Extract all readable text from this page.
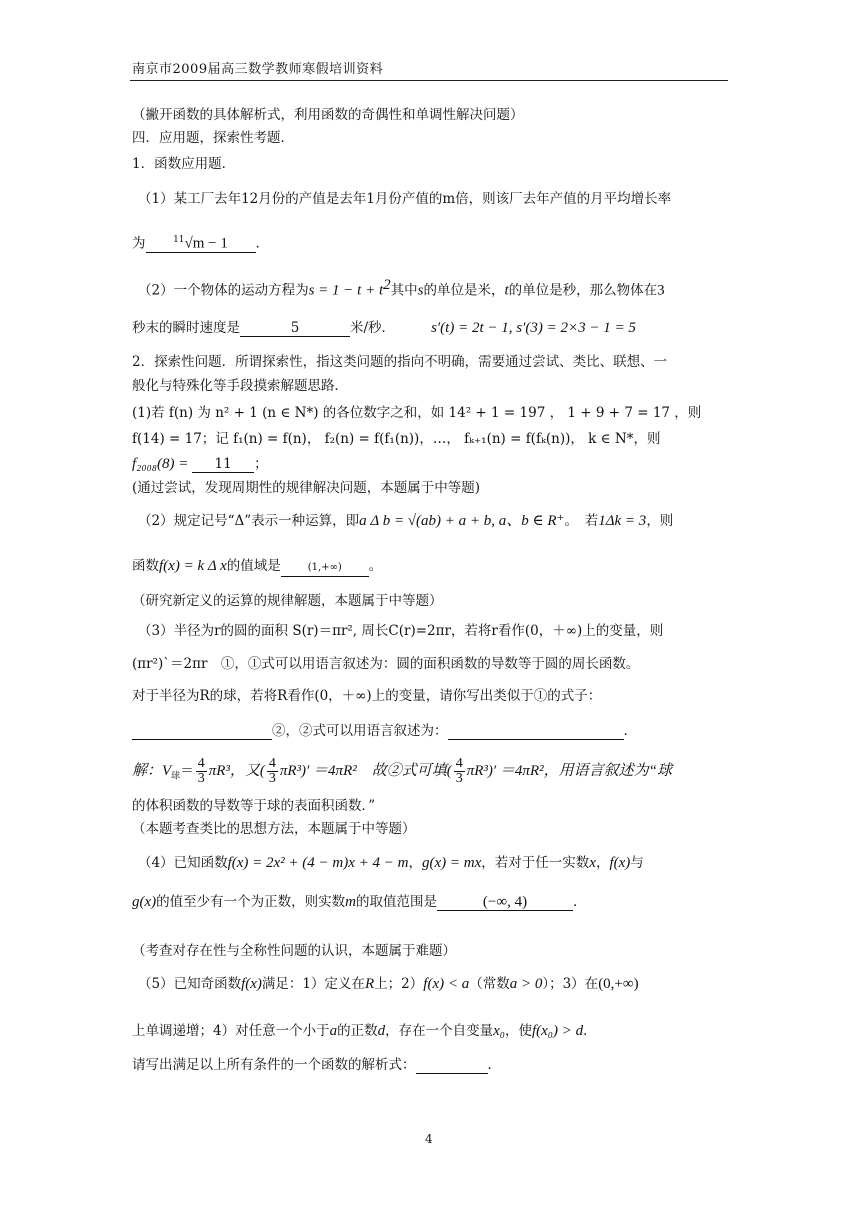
南京市2009届高三数学教师寒假培训资料
（撇开函数的具体解析式，利用函数的奇偶性和单调性解决问题）
四．应用题，探索性考题．
1．函数应用题．
（1）某工厂去年12月份的产值是去年1月份产值的m倍，则该厂去年产值的月平均增长率
为	$^{11}$√m − 1 ．
（2）一个物体的运动方程为$s = 1 - t + t^2$其中s的单位是米，t的单位是秒，那么物体在3
秒末的瞬时速度是	5	米/秒． s′(t) = 2t − 1, s′(3) = 2×3 − 1 = 5
2．探索性问题．所谓探索性，指这类问题的指向不明确，需要通过尝试、类比、联想、一
般化与特殊化等手段摸索解题思路．
(1)若 f(n) 为 n² + 1 (n ∈ N*) 的各位数字之和，如 14² + 1 = 197 ， 1 + 9 + 7 = 17 ，则
f(14) = 17；记 f₁(n) = f(n)， f₂(n) = f(f₁(n))，…， fₖ₊₁(n) = f(fₖ(n))， k ∈ N*，则
f₂₀₀₈(8) = 11 ；
(通过尝试，发现周期性的规律解决问题，本题属于中等题)
（2）规定记号“Δ”表示一种运算，即a Δ b = √(ab) + a + b, a、b ∈ R⁺。　若1Δk = 3，则
函数f(x) = k Δ x的值域是	(1,+∞) 。
（研究新定义的运算的规律解题，本题属于中等题）
（3）半径为r的圆的面积 S(r)＝πr², 周长C(r)=2πr，若将r看作(0，＋∞)上的变量，则
(πr²)`＝2πr　①，①式可以用语言叙述为：圆的面积函数的导数等于圆的周长函数。
对于半径为R的球，若将R看作(0，＋∞)上的变量，请你写出类似于①的式子：
②，②式可以用语言叙述为：	．
解：$V_球= \frac{4}{3} \pi R^3$，又( $\frac{4}{3} \pi R^3)' =4\pi R^2$　故②式可填( $\frac{4}{3} \pi R^3)' =4\pi R^2$，用语言叙述为“球
的体积函数的导数等于球的表面积函数．”
（本题考查类比的思想方法，本题属于中等题）
（4）已知函数f(x) = 2x² + (4 − m)x + 4 − m，g(x) = mx，若对于任一实数x，f(x)与
g(x)的值至少有一个为正数，则实数m的取值范围是	(−∞, 4)	．
（考查对存在性与全称性问题的认识，本题属于难题）
（5）已知奇函数f(x)满足：1）定义在R上；2）f(x) < a（常数a > 0）；3）在(0,+∞)
上单调递增；4）对任意一个小于a的正数d，存在一个自变量x₀，使f(x₀) > d．
请写出满足以上所有条件的一个函数的解析式：	．
4
